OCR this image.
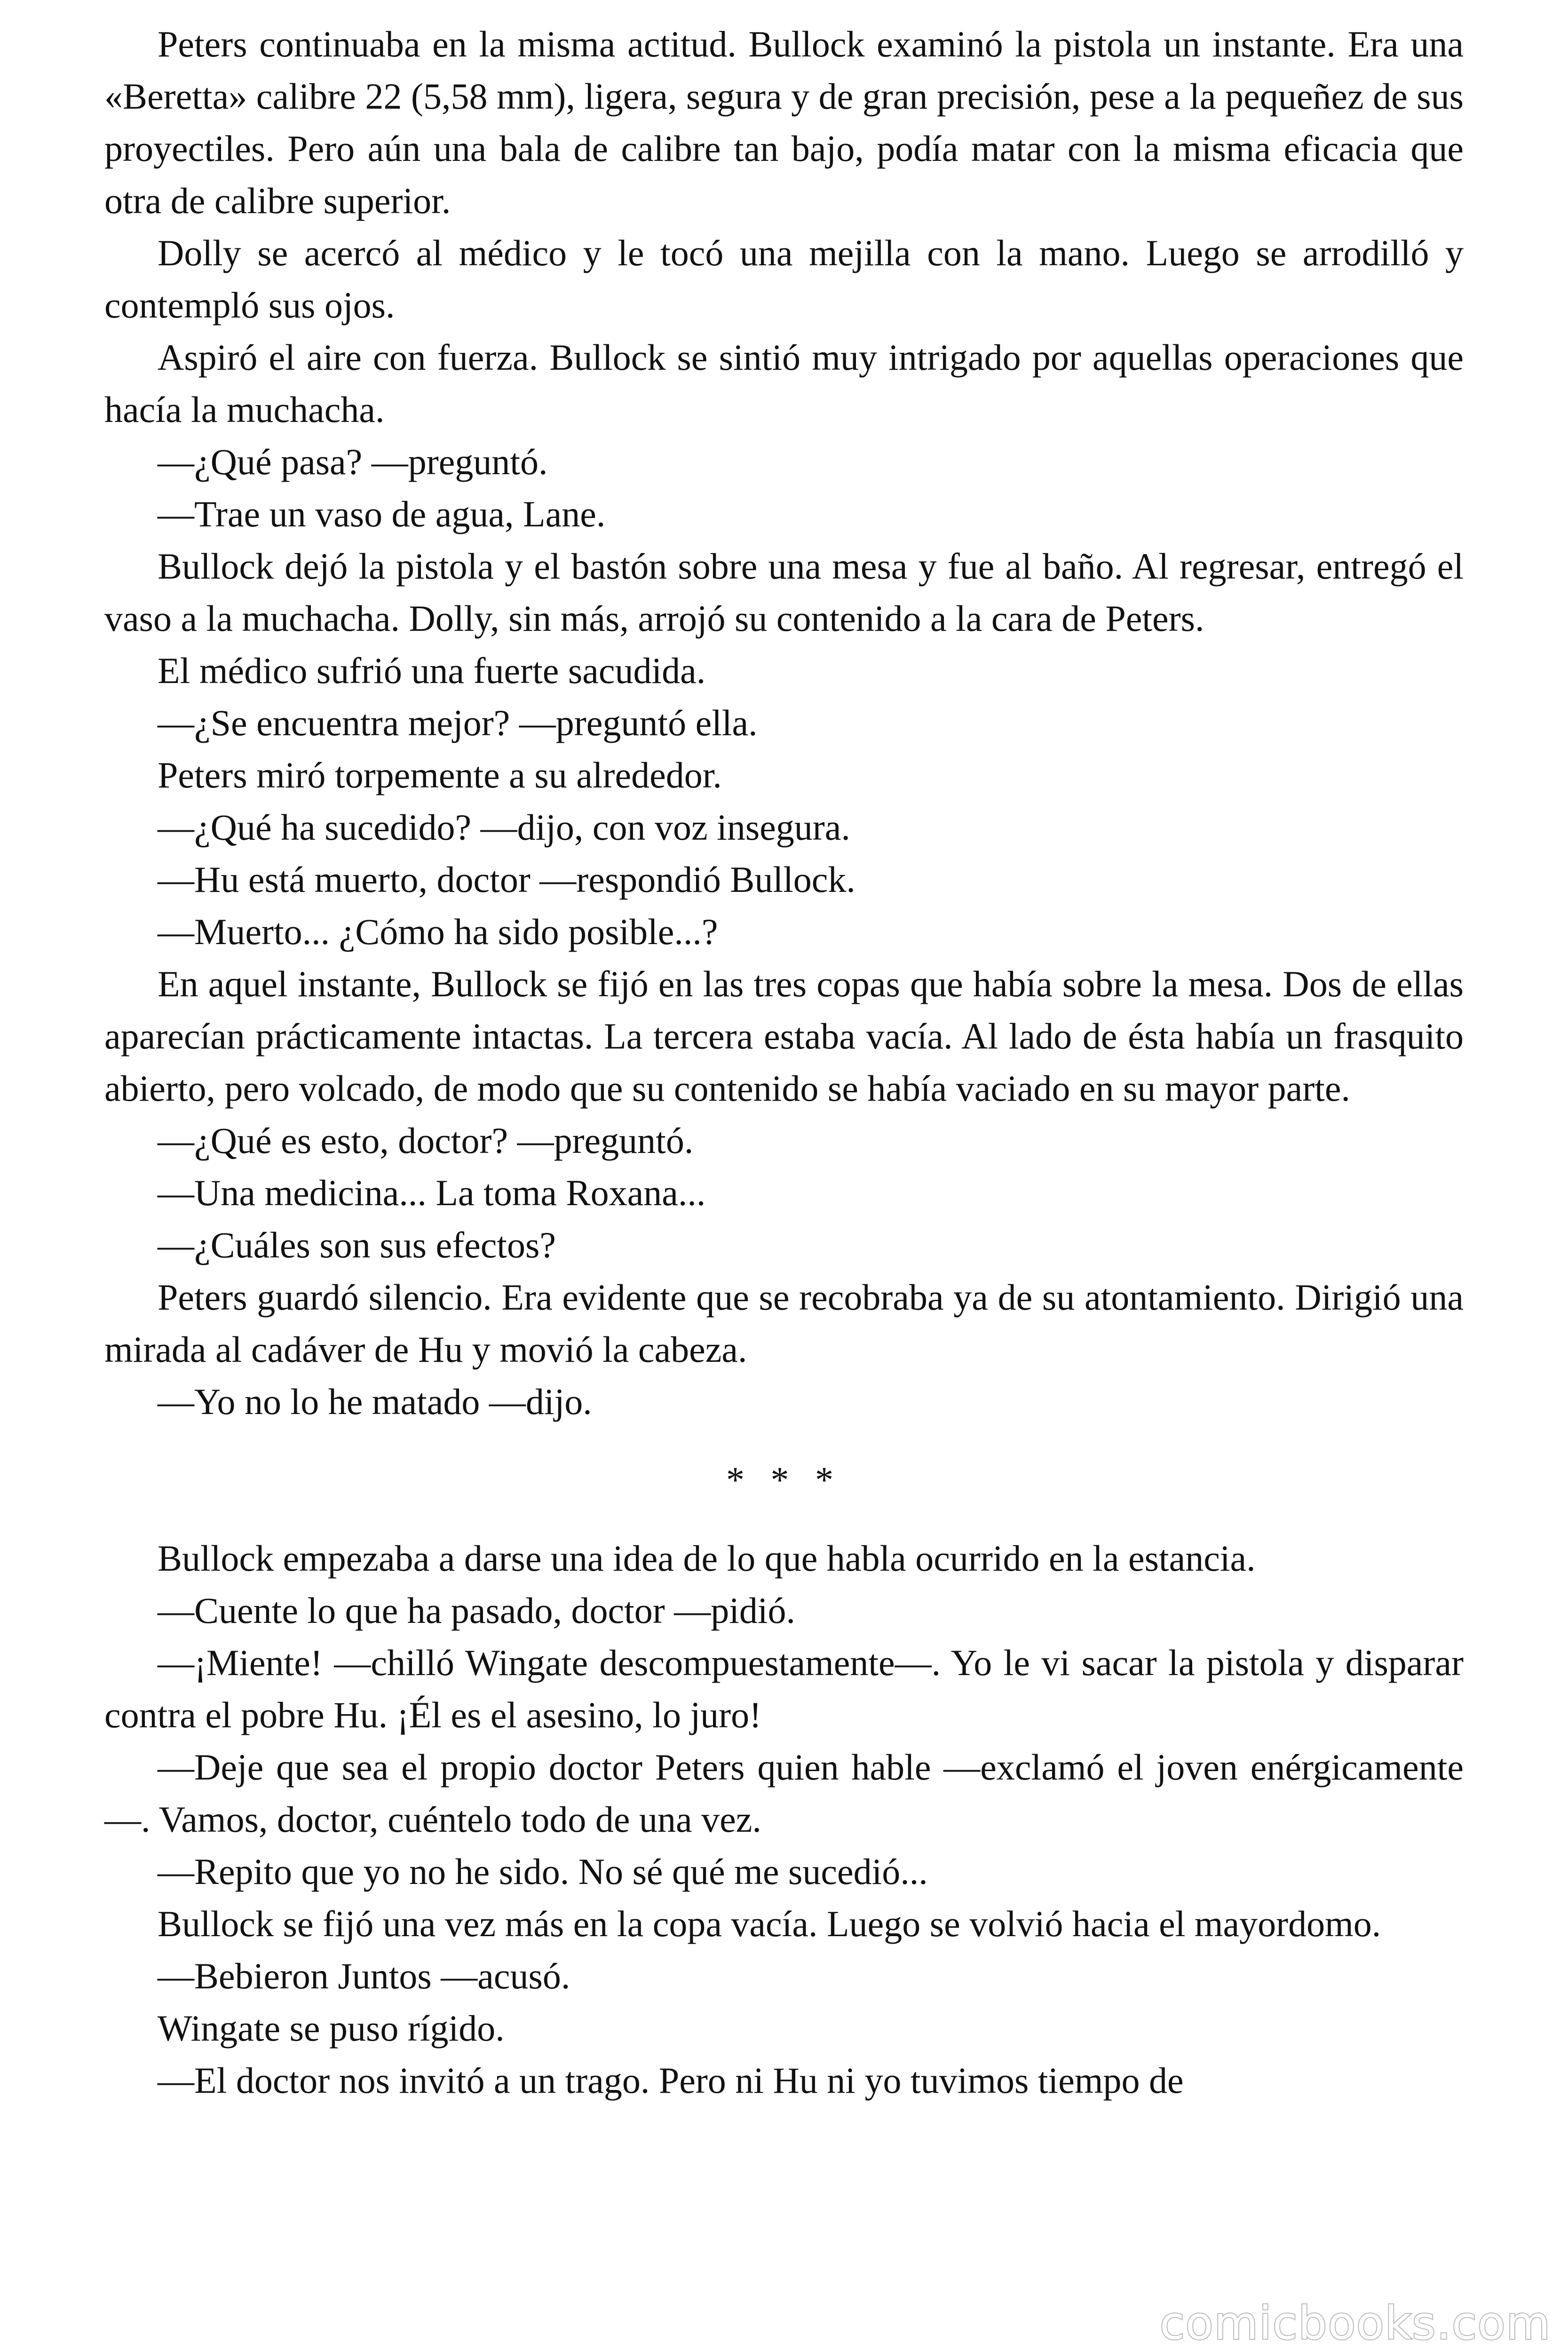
Peters continuaba en la misma actitud. Bullock examinó la pistola un instante. Era una «Beretta» calibre 22 (5,58 mm), ligera, segura y de gran precisión, pese a la pequeñez de sus proyectiles. Pero aún una bala de calibre tan bajo, podía matar con la misma eficacia que otra de calibre superior.

Dolly se acercó al médico y le tocó una mejilla con la mano. Luego se arrodilló y contempló sus ojos.

Aspiró el aire con fuerza. Bullock se sintió muy intrigado por aquellas operaciones que hacía la muchacha.

—¿Qué pasa? —preguntó.

—Trae un vaso de agua, Lane.

Bullock dejó la pistola y el bastón sobre una mesa y fue al baño. Al regresar, entregó el vaso a la muchacha. Dolly, sin más, arrojó su contenido a la cara de Peters.

El médico sufrió una fuerte sacudida.

—¿Se encuentra mejor? —preguntó ella.

Peters miró torpemente a su alrededor.

—¿Qué ha sucedido? —dijo, con voz insegura.

—Hu está muerto, doctor —respondió Bullock.

—Muerto... ¿Cómo ha sido posible...?

En aquel instante, Bullock se fijó en las tres copas que había sobre la mesa. Dos de ellas aparecían prácticamente intactas. La tercera estaba vacía. Al lado de ésta había un frasquito abierto, pero volcado, de modo que su contenido se había vaciado en su mayor parte.

—¿Qué es esto, doctor? —preguntó.

—Una medicina... La toma Roxana...

—¿Cuáles son sus efectos?

Peters guardó silencio. Era evidente que se recobraba ya de su atontamiento. Dirigió una mirada al cadáver de Hu y movió la cabeza.

—Yo no lo he matado —dijo.

* * *

Bullock empezaba a darse una idea de lo que habla ocurrido en la estancia.

—Cuente lo que ha pasado, doctor —pidió.

—¡Miente! —chilló Wingate descompuestamente—. Yo le vi sacar la pistola y disparar contra el pobre Hu. ¡Él es el asesino, lo juro!

—Deje que sea el propio doctor Peters quien hable —exclamó el joven enérgicamente—. Vamos, doctor, cuéntelo todo de una vez.

—Repito que yo no he sido. No sé qué me sucedió...

Bullock se fijó una vez más en la copa vacía. Luego se volvió hacia el mayordomo.

—Bebieron Juntos —acusó.

Wingate se puso rígido.

—El doctor nos invitó a un trago. Pero ni Hu ni yo tuvimos tiempo de

comicbooks.com
